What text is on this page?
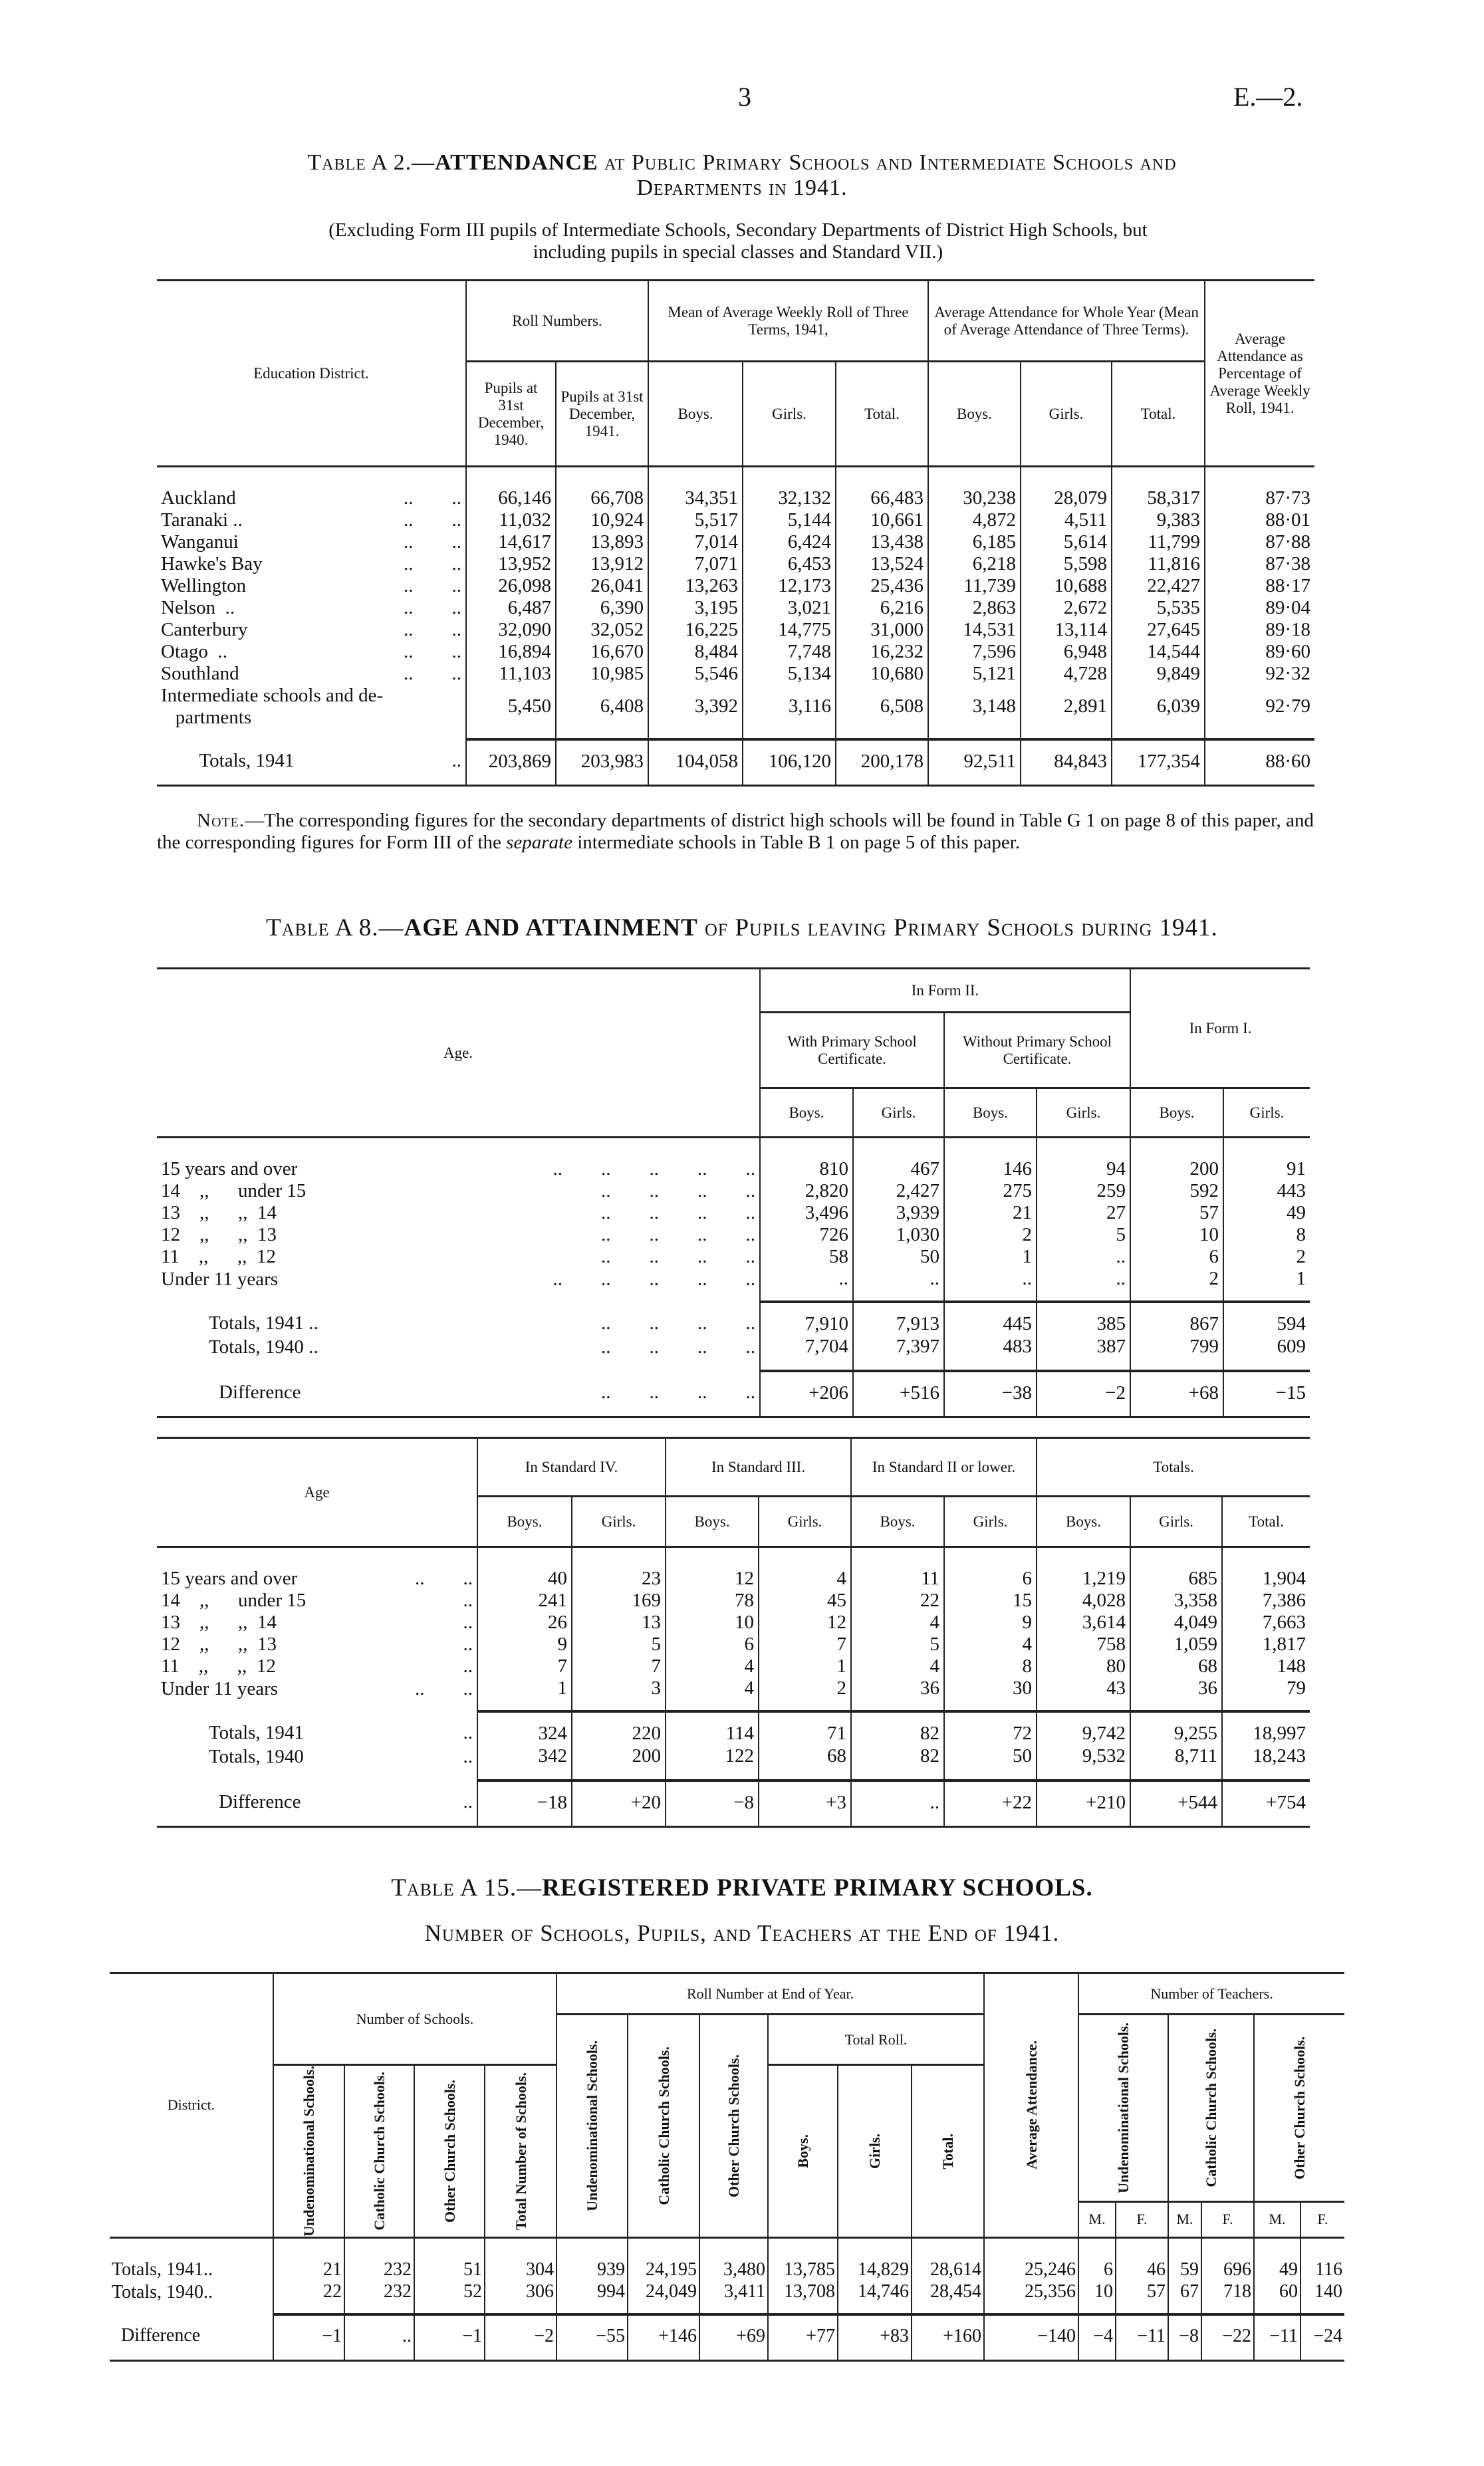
3	E.—2.
Table A 2.—ATTENDANCE at Public Primary Schools and Intermediate Schools and
Departments in 1941.
(Excluding Form III pupils of Intermediate Schools, Secondary Departments of District High Schools, but
including pupils in special classes and Standard VII.)
Education District.	Roll Numbers.		Mean of Average Weekly Roll of Three Terms, 1941,			Average Attendance for Whole Year (Mean of Average Attendance of Three Terms).			Average Attendance as Percentage of Average Weekly Roll, 1941.
	Pupils at 31st December, 1940.	Pupils at 31st December, 1941.	Boys.	Girls.	Total.	Boys.	Girls.	Total.	
Auckland ..        ..	66,146	66,708	34,351	32,132	66,483	30,238	28,079	58,317	87·73
Taranaki .. ..        ..	11,032	10,924	5,517	5,144	10,661	4,872	4,511	9,383	88·01
Wanganui ..        ..	14,617	13,893	7,014	6,424	13,438	6,185	5,614	11,799	87·88
Hawke's Bay ..        ..	13,952	13,912	7,071	6,453	13,524	6,218	5,598	11,816	87·38
Wellington ..        ..	26,098	26,041	13,263	12,173	25,436	11,739	10,688	22,427	88·17
Nelson  .. ..        ..	6,487	6,390	3,195	3,021	6,216	2,863	2,672	5,535	89·04
Canterbury ..        ..	32,090	32,052	16,225	14,775	31,000	14,531	13,114	27,645	89·18
Otago  .. ..        ..	16,894	16,670	8,484	7,748	16,232	7,596	6,948	14,544	89·60
Southland ..        ..	11,103	10,985	5,546	5,134	10,680	5,121	4,728	9,849	92·32
Intermediate schools and de-
partments	5,450	6,408	3,392	3,116	6,508	3,148	2,891	6,039	92·79
Totals, 1941 ..	203,869	203,983	104,058	106,120	200,178	92,511	84,843	177,354	88·60
Note.—The corresponding figures for the secondary departments of district high schools will be found in Table G 1 on page 8 of this paper, and the corresponding figures for Form III of the separate intermediate schools in Table B 1 on page 5 of this paper.
Table A 8.—AGE AND ATTAINMENT of Pupils leaving Primary Schools during 1941.
Age.	In Form II.				In Form I.	
	With Primary School Certificate.		Without Primary School Certificate.			
	Boys.	Girls.	Boys.	Girls.	Boys.	Girls.
15 years and over ..        ..        ..        ..        ..	810	467	146	94	200	91
14    ,,      under 15 ..        ..        ..        ..	2,820	2,427	275	259	592	443
13    ,,      ,,  14 ..        ..        ..        ..	3,496	3,939	21	27	57	49
12    ,,      ,,  13 ..        ..        ..        ..	726	1,030	2	5	10	8
11    ,,      ,,  12 ..        ..        ..        ..	58	50	1	..	6	2
Under 11 years ..        ..        ..        ..        ..	..	..	..	..	2	1
Totals, 1941 .. ..        ..        ..        ..	7,910	7,913	445	385	867	594
Totals, 1940 .. ..        ..        ..        ..	7,704	7,397	483	387	799	609
Difference ..        ..        ..        ..	+206	+516	−38	−2	+68	−15
Age	In Standard IV.		In Standard III.		In Standard II or lower.		Totals.		
	Boys.	Girls.	Boys.	Girls.	Boys.	Girls.	Boys.	Girls.	Total.
15 years and over ..        ..	40	23	12	4	11	6	1,219	685	1,904
14    ,,      under 15 ..	241	169	78	45	22	15	4,028	3,358	7,386
13    ,,      ,,  14 ..	26	13	10	12	4	9	3,614	4,049	7,663
12    ,,      ,,  13 ..	9	5	6	7	5	4	758	1,059	1,817
11    ,,      ,,  12 ..	7	7	4	1	4	8	80	68	148
Under 11 years ..        ..	1	3	4	2	36	30	43	36	79
Totals, 1941 ..	324	220	114	71	82	72	9,742	9,255	18,997
Totals, 1940 ..	342	200	122	68	82	50	9,532	8,711	18,243
Difference ..	−18	+20	−8	+3	..	+22	+210	+544	+754
Table A 15.—REGISTERED PRIVATE PRIMARY SCHOOLS.
Number of Schools, Pupils, and Teachers at the End of 1941.
District.	Number of Schools.				Roll Number at End of Year.						Average Attendance.	Number of Teachers.					

					Undenominational Schools.	Catholic Church Schools.	Other Church Schools.	Total Roll.				Undenominational Schools.		Catholic Church Schools.		Other Church Schools.	

	Undenominational Schools.	Catholic Church Schools.	Other Church Schools.	Total Number of Schools.				Boys.	Girls.	Total.							

												M.	F.	M.	F.	M.	F.
Totals, 1941..	21	232	51	304	939	24,195	3,480	13,785	14,829	28,614	25,246	6	46	59	696	49	116
Totals, 1940..	22	232	52	306	994	24,049	3,411	13,708	14,746	28,454	25,356	10	57	67	718	60	140
Difference	−1	..	−1	−2	−55	+146	+69	+77	+83	+160	−140	−4	−11	−8	−22	−11	−24
